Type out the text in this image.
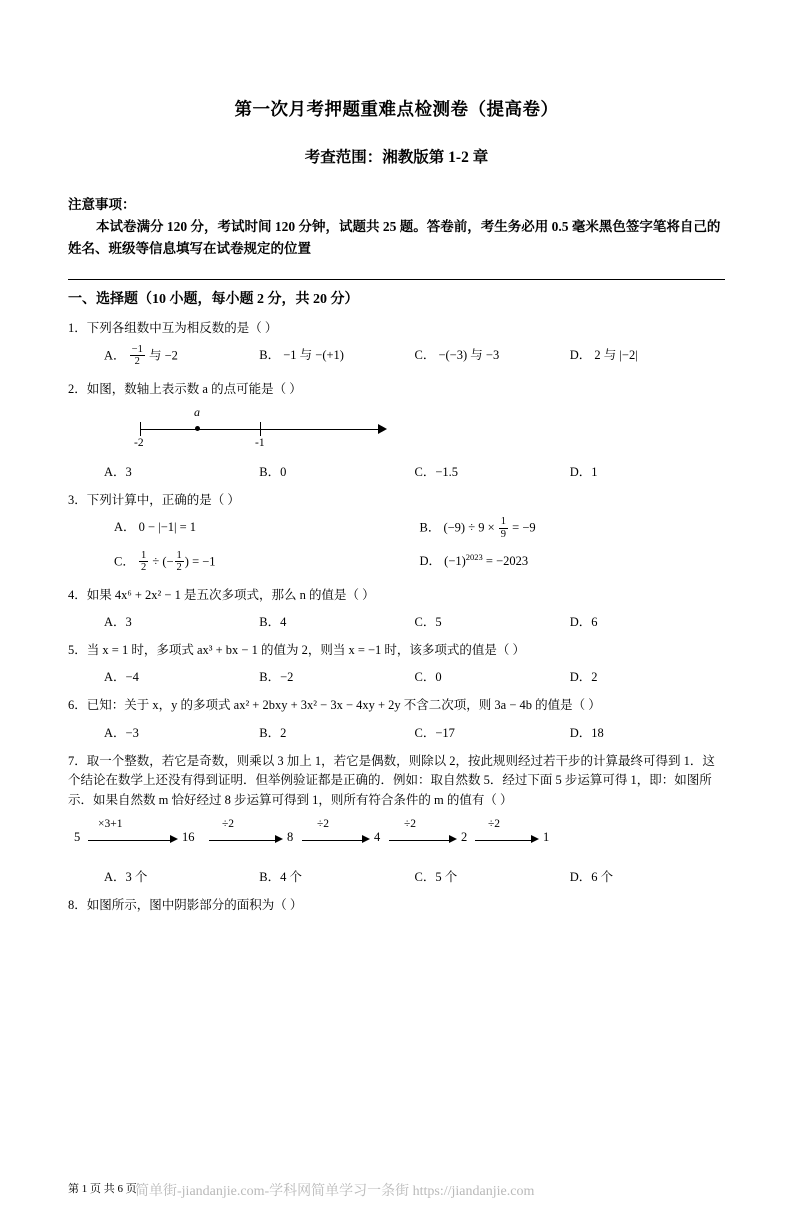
第一次月考押题重难点检测卷（提高卷）
考查范围：湘教版第 1-2 章
注意事项：
本试卷满分 120 分，考试时间 120 分钟，试题共 25 题。答卷前，考生务必用 0.5 毫米黑色签字笔将自己的姓名、班级等信息填写在试卷规定的位置
一、选择题（10 小题，每小题 2 分，共 20 分）
1．下列各组数中互为相反数的是（ ）
A． $\frac{-1}{2}$ 与 −2	B． −1 与 −(+1)	C． −(−3) 与 −3	D． 2 与 |−2|
2．如图，数轴上表示数 a 的点可能是（ ）
-2	-1
a
A．3	B．0	C．−1.5	D．1
3．下列计算中，正确的是（ ）
A． 0 − |−1| = 1	B． $(-9) \div 9 \times \frac{1}{9} = -9$
C． $\frac{1}{2}$ ÷ (− $\frac{1}{2}$ ) = −1	D． $(-1)^{2023} = -2023$
4．如果 4x⁶ + 2x² − 1 是五次多项式，那么 n 的值是（ ）
A．3	B．4	C．5	D．6
5．当 x = 1 时，多项式 ax³ + bx − 1 的值为 2，则当 x = −1 时，该多项式的值是（ ）
A．−4	B．−2	C．0	D．2
6．已知：关于 x，y 的多项式 ax² + 2bxy + 3x² − 3x − 4xy + 2y 不含二次项，则 3a − 4b 的值是（ ）
A．−3	B．2	C．−17	D．18
7．取一个整数，若它是奇数，则乘以 3 加上 1，若它是偶数，则除以 2，按此规则经过若干步的计算最终可得到 1．这个结论在数学上还没有得到证明．但举例验证都是正确的．例如：取自然数 5．经过下面 5 步运算可得 1，即：如图所示．如果自然数 m 恰好经过 8 步运算可得到 1，则所有符合条件的 m 的值有（ ）
5
×3+1
16
÷2
8
÷2
4
÷2
2
÷2
1
A．3 个	B．4 个	C．5 个	D．6 个
8．如图所示，图中阴影部分的面积为（ ）
第 1 页 共 6 页
简单街-jiandanjie.com-学科网简单学习一条街 https://jiandanjie.com
